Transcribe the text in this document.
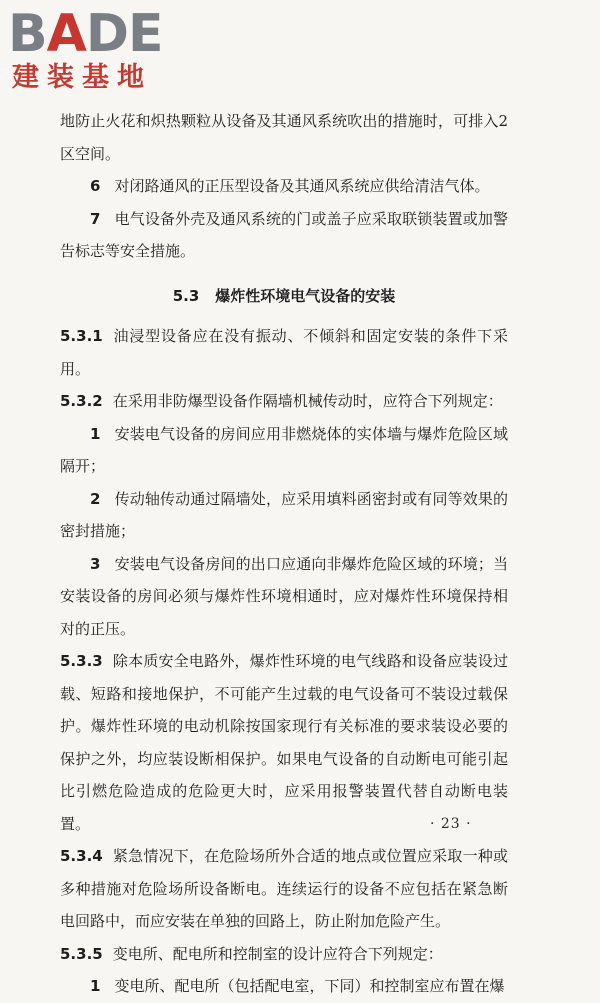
BADE
建装基地

地防止火花和炽热颗粒从设备及其通风系统吹出的措施时，可排入2区空间。

6 对闭路通风的正压型设备及其通风系统应供给清洁气体。

7 电气设备外壳及通风系统的门或盖子应采取联锁装置或加警告标志等安全措施。

5.3 爆炸性环境电气设备的安装

5.3.1 油浸型设备应在没有振动、不倾斜和固定安装的条件下采用。

5.3.2 在采用非防爆型设备作隔墙机械传动时，应符合下列规定：

1 安装电气设备的房间应用非燃烧体的实体墙与爆炸危险区域隔开；

2 传动轴传动通过隔墙处，应采用填料函密封或有同等效果的密封措施；

3 安装电气设备房间的出口应通向非爆炸危险区域的环境；当安装设备的房间必须与爆炸性环境相通时，应对爆炸性环境保持相对的正压。

5.3.3 除本质安全电路外，爆炸性环境的电气线路和设备应装设过载、短路和接地保护，不可能产生过载的电气设备可不装设过载保护。爆炸性环境的电动机除按国家现行有关标准的要求装设必要的保护之外，均应装设断相保护。如果电气设备的自动断电可能引起比引燃危险造成的危险更大时，应采用报警装置代替自动断电装置。

5.3.4 紧急情况下，在危险场所外合适的地点或位置应采取一种或多种措施对危险场所设备断电。连续运行的设备不应包括在紧急断电回路中，而应安装在单独的回路上，防止附加危险产生。

5.3.5 变电所、配电所和控制室的设计应符合下列规定：

1 变电所、配电所（包括配电室，下同）和控制室应布置在爆

· 23 ·
